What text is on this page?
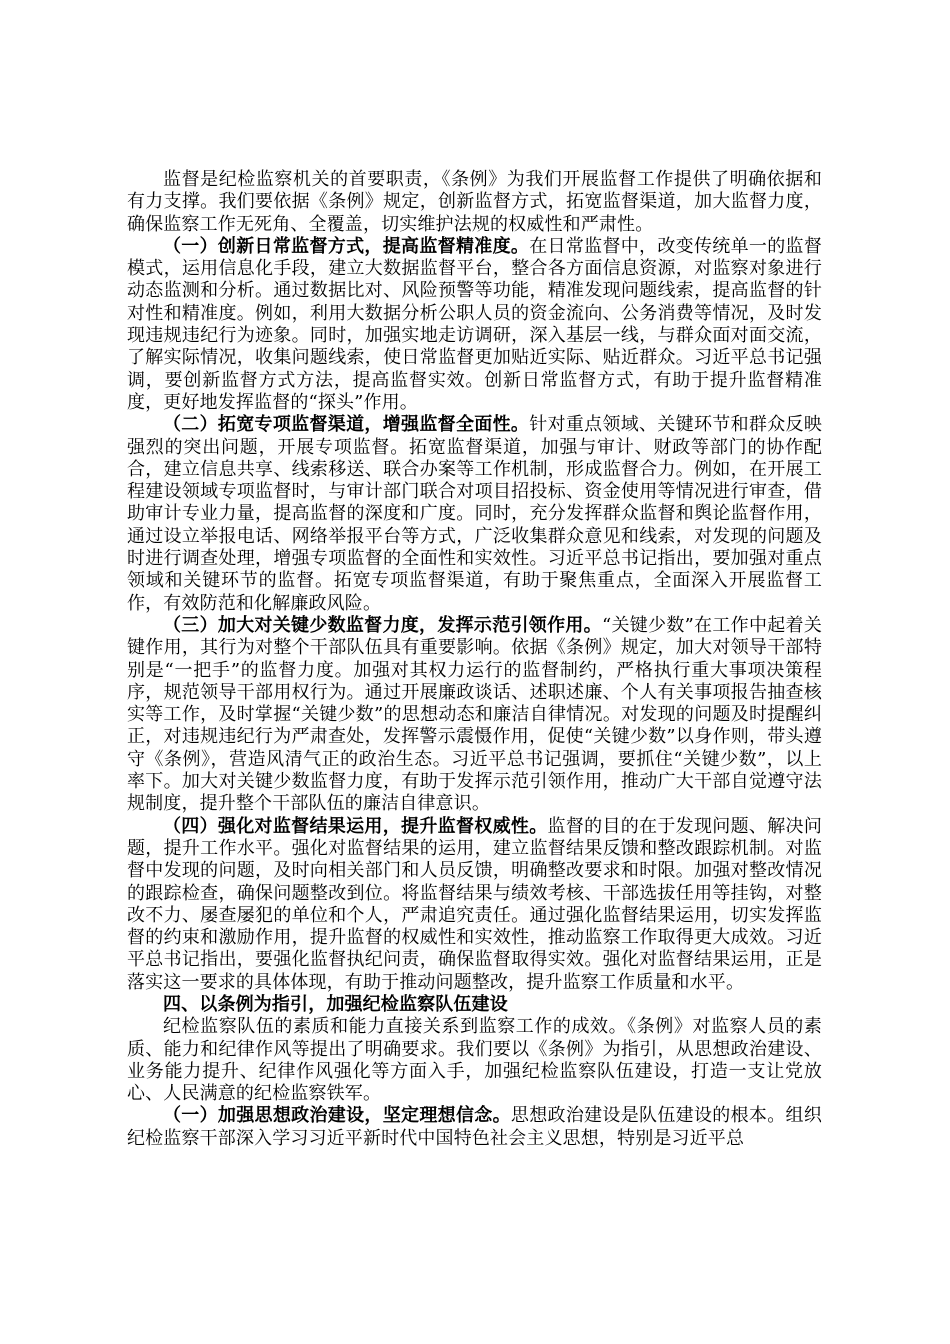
监督是纪检监察机关的首要职责，《条例》为我们开展监督工作提供了明确依据和有力支撑。我们要依据《条例》规定，创新监督方式，拓宽监督渠道，加大监督力度，确保监察工作无死角、全覆盖，切实维护法规的权威性和严肃性。

（一）创新日常监督方式，提高监督精准度。在日常监督中，改变传统单一的监督模式，运用信息化手段，建立大数据监督平台，整合各方面信息资源，对监察对象进行动态监测和分析。通过数据比对、风险预警等功能，精准发现问题线索，提高监督的针对性和精准度。例如，利用大数据分析公职人员的资金流向、公务消费等情况，及时发现违规违纪行为迹象。同时，加强实地走访调研，深入基层一线，与群众面对面交流，了解实际情况，收集问题线索，使日常监督更加贴近实际、贴近群众。习近平总书记强调，要创新监督方式方法，提高监督实效。创新日常监督方式，有助于提升监督精准度，更好地发挥监督的“探头”作用。

（二）拓宽专项监督渠道，增强监督全面性。针对重点领域、关键环节和群众反映强烈的突出问题，开展专项监督。拓宽监督渠道，加强与审计、财政等部门的协作配合，建立信息共享、线索移送、联合办案等工作机制，形成监督合力。例如，在开展工程建设领域专项监督时，与审计部门联合对项目招投标、资金使用等情况进行审查，借助审计专业力量，提高监督的深度和广度。同时，充分发挥群众监督和舆论监督作用，通过设立举报电话、网络举报平台等方式，广泛收集群众意见和线索，对发现的问题及时进行调查处理，增强专项监督的全面性和实效性。习近平总书记指出，要加强对重点领域和关键环节的监督。拓宽专项监督渠道，有助于聚焦重点，全面深入开展监督工作，有效防范和化解廉政风险。

（三）加大对关键少数监督力度，发挥示范引领作用。“关键少数”在工作中起着关键作用，其行为对整个干部队伍具有重要影响。依据《条例》规定，加大对领导干部特别是“一把手”的监督力度。加强对其权力运行的监督制约，严格执行重大事项决策程序，规范领导干部用权行为。通过开展廉政谈话、述职述廉、个人有关事项报告抽查核实等工作，及时掌握“关键少数”的思想动态和廉洁自律情况。对发现的问题及时提醒纠正，对违规违纪行为严肃查处，发挥警示震慑作用，促使“关键少数”以身作则，带头遵守《条例》，营造风清气正的政治生态。习近平总书记强调，要抓住“关键少数”，以上率下。加大对关键少数监督力度，有助于发挥示范引领作用，推动广大干部自觉遵守法规制度，提升整个干部队伍的廉洁自律意识。

（四）强化对监督结果运用，提升监督权威性。监督的目的在于发现问题、解决问题，提升工作水平。强化对监督结果的运用，建立监督结果反馈和整改跟踪机制。对监督中发现的问题，及时向相关部门和人员反馈，明确整改要求和时限。加强对整改情况的跟踪检查，确保问题整改到位。将监督结果与绩效考核、干部选拔任用等挂钩，对整改不力、屡查屡犯的单位和个人，严肃追究责任。通过强化监督结果运用，切实发挥监督的约束和激励作用，提升监督的权威性和实效性，推动监察工作取得更大成效。习近平总书记指出，要强化监督执纪问责，确保监督取得实效。强化对监督结果运用，正是落实这一要求的具体体现，有助于推动问题整改，提升监察工作质量和水平。

四、以条例为指引，加强纪检监察队伍建设

纪检监察队伍的素质和能力直接关系到监察工作的成效。《条例》对监察人员的素质、能力和纪律作风等提出了明确要求。我们要以《条例》为指引，从思想政治建设、业务能力提升、纪律作风强化等方面入手，加强纪检监察队伍建设，打造一支让党放心、人民满意的纪检监察铁军。

（一）加强思想政治建设，坚定理想信念。思想政治建设是队伍建设的根本。组织纪检监察干部深入学习习近平新时代中国特色社会主义思想，特别是习近平总
